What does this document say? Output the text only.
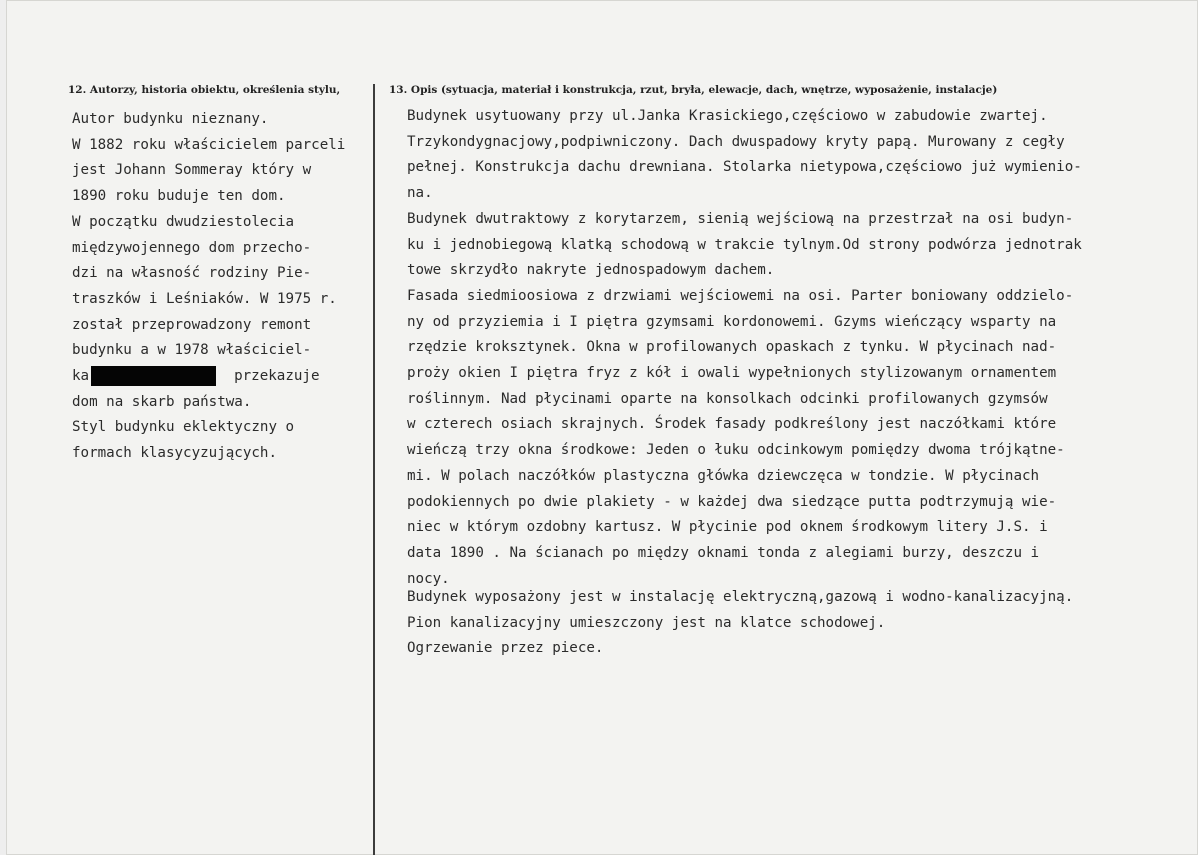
12. Autorzy, historia obiektu, określenia stylu,	13. Opis (sytuacja, materiał i konstrukcja, rzut, bryła, elewacje, dach, wnętrze, wyposażenie, instalacje)
Autor budynku nieznany.
W 1882 roku właścicielem parceli
jest Johann Sommeray który w
1890 roku buduje ten dom.
W początku dwudziestolecia
międzywojennego dom przecho-
dzi na własność rodziny Pie-
traszków i Leśniaków. W 1975 r.
został przeprowadzony remont
budynku a w 1978 właściciel-
ka	przekazuje
dom na skarb państwa.
Styl budynku eklektyczny o
formach klasycyzujących.
Budynek usytuowany przy ul.Janka Krasickiego,częściowo w zabudowie zwartej.
Trzykondygnacjowy,podpiwniczony. Dach dwuspadowy kryty papą. Murowany z cegły
pełnej. Konstrukcja dachu drewniana. Stolarka nietypowa,częściowo już wymienio-
na.
Budynek dwutraktowy z korytarzem, sienią wejściową na przestrzał na osi budyn-
ku i jednobiegową klatką schodową w trakcie tylnym.Od strony podwórza jednotrak
towe skrzydło nakryte jednospadowym dachem.
Fasada siedmioosiowa z drzwiami wejściowemi na osi. Parter boniowany oddzielo-
ny od przyziemia i I piętra gzymsami kordonowemi. Gzyms wieńczący wsparty na
rzędzie kroksztynek. Okna w profilowanych opaskach z tynku. W płycinach nad-
proży okien I piętra fryz z kół i owali wypełnionych stylizowanym ornamentem
roślinnym. Nad płycinami oparte na konsolkach odcinki profilowanych gzymsów
w czterech osiach skrajnych. Środek fasady podkreślony jest naczółkami które
wieńczą trzy okna środkowe: Jeden o łuku odcinkowym pomiędzy dwoma trójkątne-
mi. W polach naczółków plastyczna główka dziewczęca w tondzie. W płycinach
podokiennych po dwie plakiety - w każdej dwa siedzące putta podtrzymują wie-
niec w którym ozdobny kartusz. W płycinie pod oknem środkowym litery J.S. i
data 1890 . Na ścianach po między oknami tonda z alegiami burzy, deszczu i
nocy.
Budynek wyposażony jest w instalację elektryczną,gazową i wodno-kanalizacyjną.
Pion kanalizacyjny umieszczony jest na klatce schodowej.
Ogrzewanie przez piece.
